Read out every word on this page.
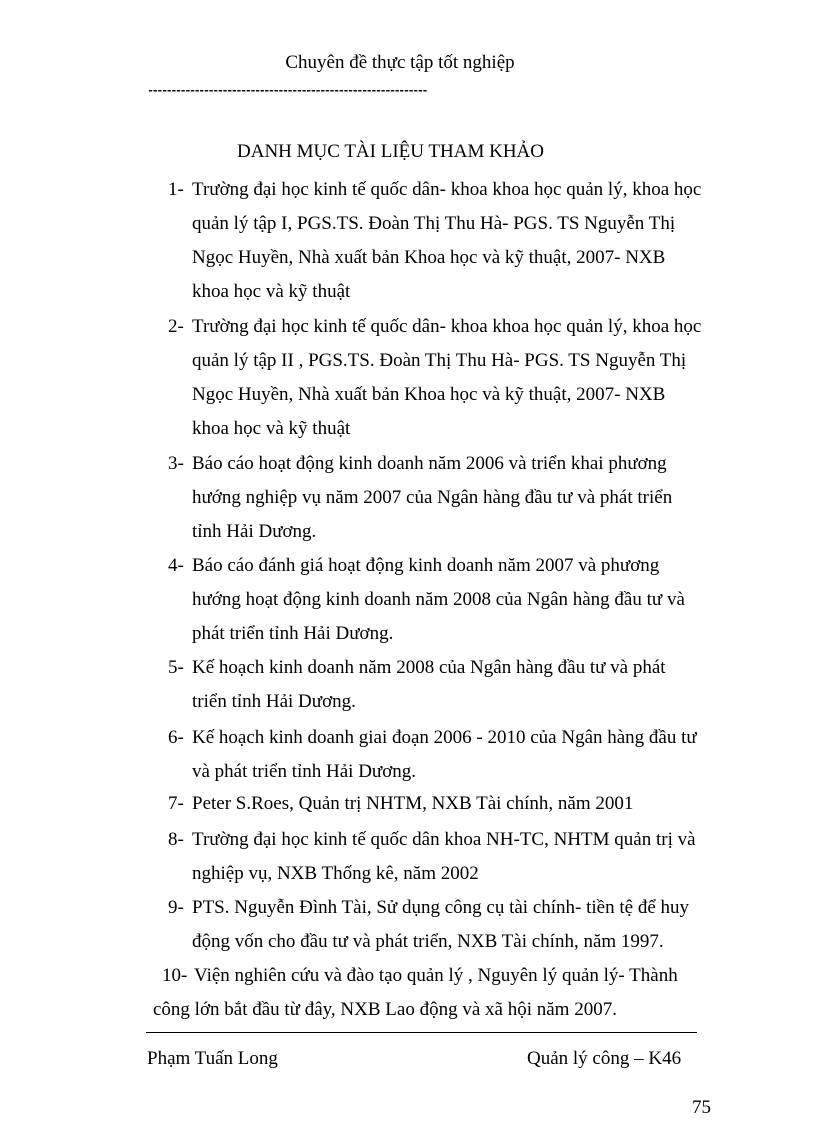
Chuyên đề thực tập tốt nghiệp
------------------------------------------------------------
DANH MỤC TÀI LIỆU THAM KHẢO
1- Trường đại học kinh tế quốc dân- khoa khoa học quản lý, khoa học
quản lý tập I, PGS.TS. Đoàn Thị Thu Hà- PGS. TS Nguyễn Thị
Ngọc Huyền, Nhà xuất bản Khoa học và kỹ thuật, 2007- NXB
khoa học và kỹ thuật
2- Trường đại học kinh tế quốc dân- khoa khoa học quản lý, khoa học
quản lý tập II , PGS.TS. Đoàn Thị Thu Hà- PGS. TS Nguyễn Thị
Ngọc Huyền, Nhà xuất bản Khoa học và kỹ thuật, 2007- NXB
khoa học và kỹ thuật
3- Báo cáo hoạt động kinh doanh năm 2006 và triển khai phương
hướng nghiệp vụ năm 2007 của Ngân hàng đầu tư và phát triển
tỉnh Hải Dương.
4- Báo cáo đánh giá hoạt động kinh doanh năm 2007 và phương
hướng hoạt động kinh doanh năm 2008 của Ngân hàng đầu tư và
phát triển tỉnh Hải Dương.
5- Kế hoạch kinh doanh năm 2008 của Ngân hàng đầu tư và phát
triển tỉnh Hải Dương.
6- Kế hoạch kinh doanh giai đoạn 2006 - 2010 của Ngân hàng đầu tư
và phát triển tỉnh Hải Dương.
7- Peter S.Roes, Quản trị NHTM, NXB Tài chính, năm 2001
8- Trường đại học kinh tế quốc dân khoa NH-TC, NHTM quản trị và
nghiệp vụ, NXB Thống kê, năm 2002
9- PTS. Nguyễn Đình Tài, Sử dụng công cụ tài chính- tiền tệ để huy
động vốn cho đầu tư và phát triển, NXB Tài chính, năm 1997.
10- Viện nghiên cứu và đào tạo quản lý , Nguyên lý quản lý- Thành
công lớn bắt đầu từ đây, NXB Lao động và xã hội năm 2007.
Phạm Tuấn Long	Quản lý công – K46
75
